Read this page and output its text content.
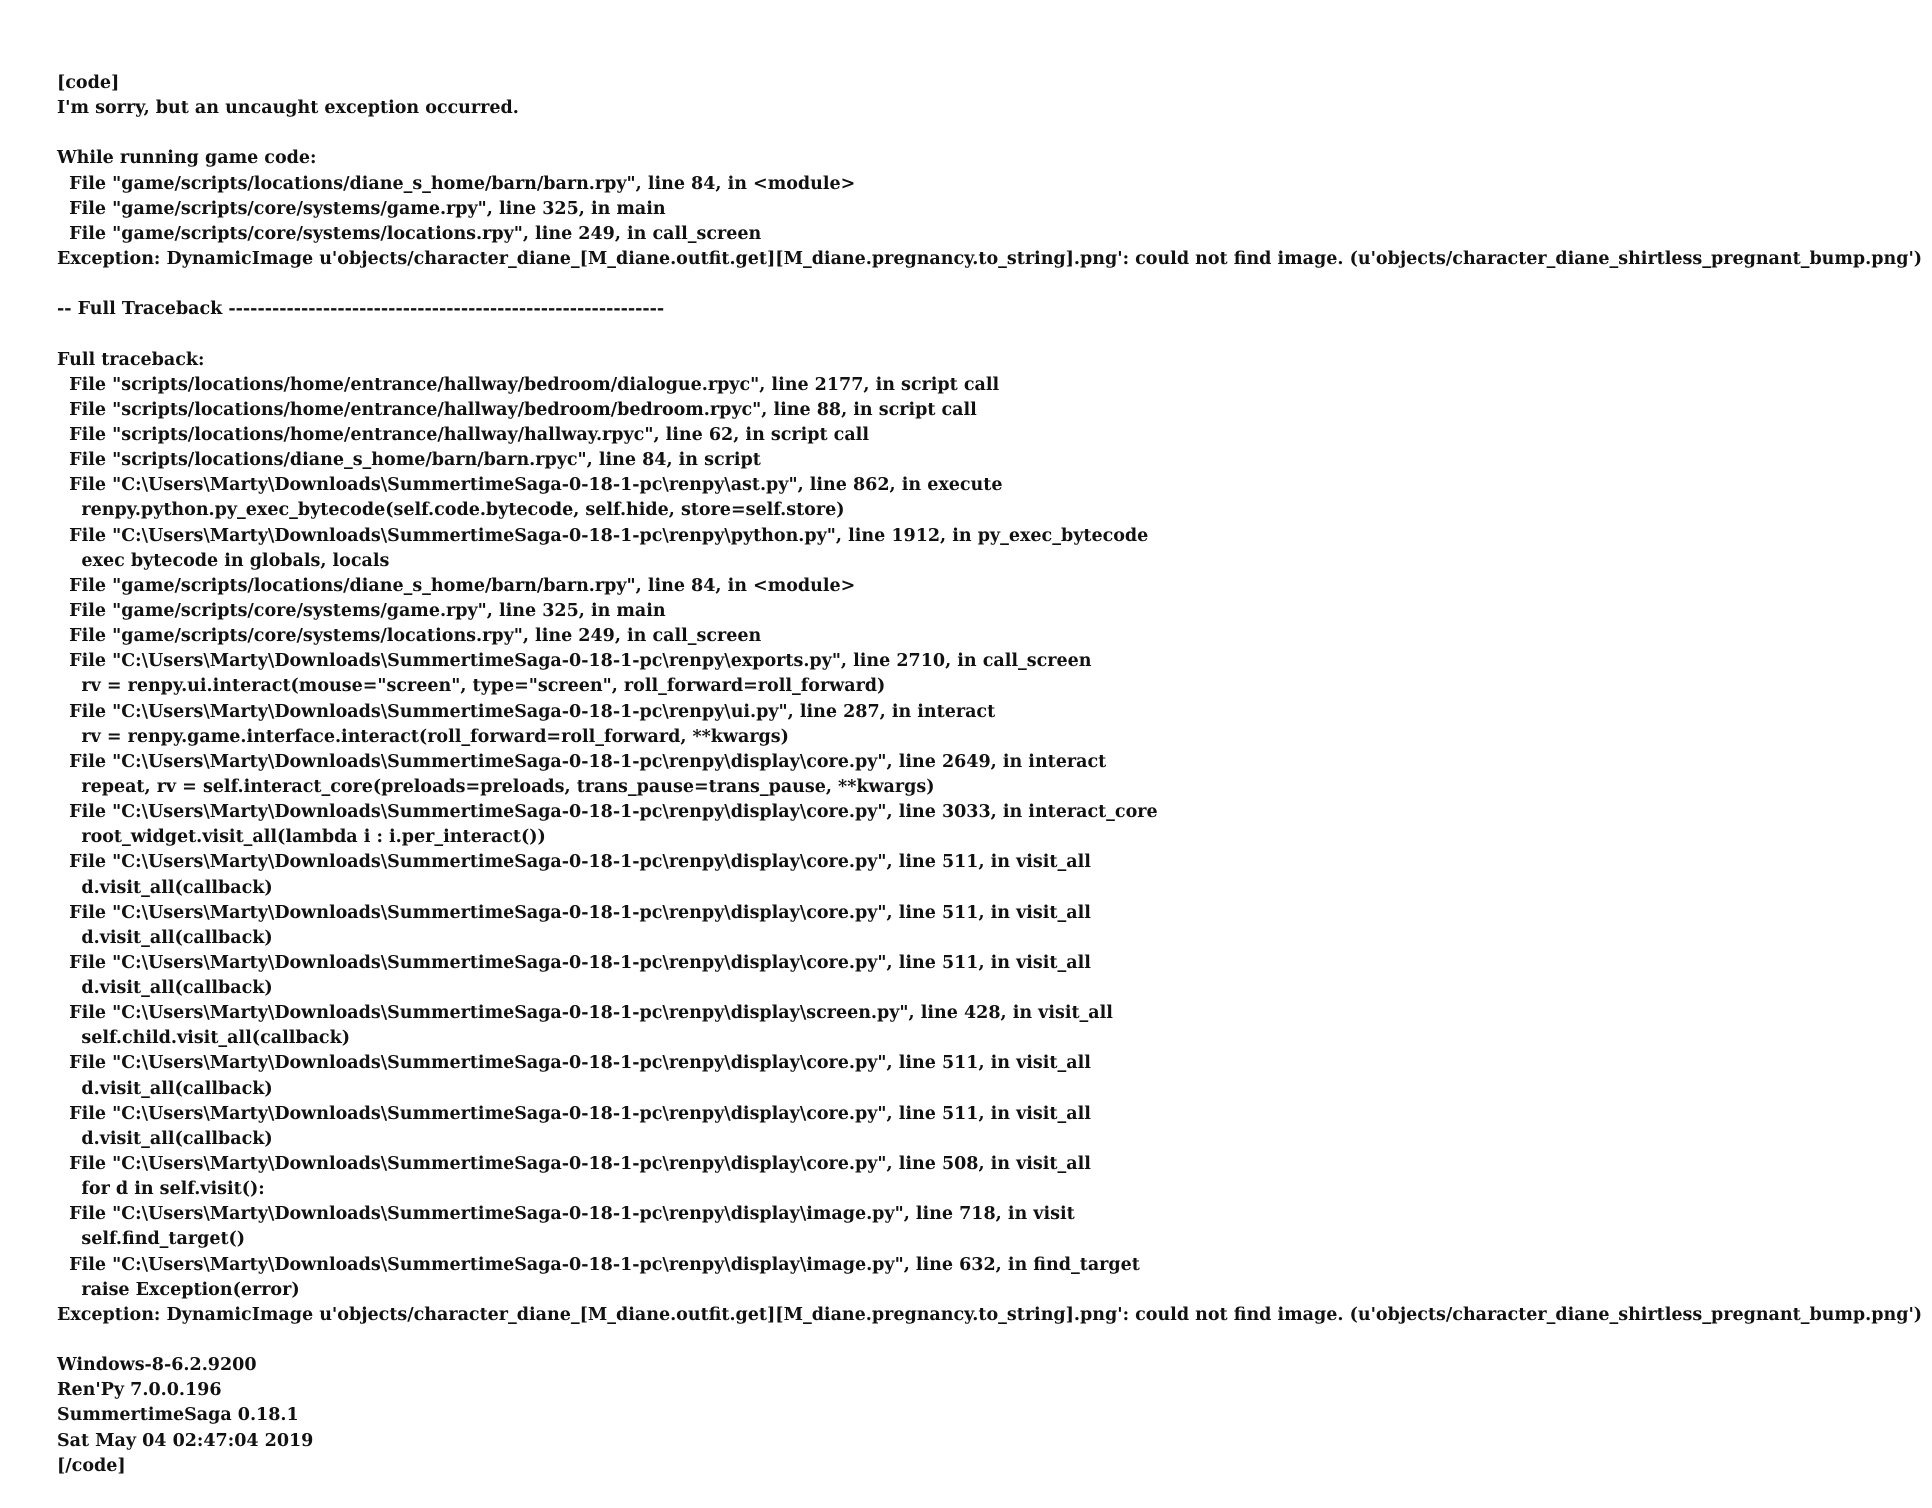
[code]
I'm sorry, but an uncaught exception occurred.
While running game code:
File "game/scripts/locations/diane_s_home/barn/barn.rpy", line 84, in <module>
File "game/scripts/core/systems/game.rpy", line 325, in main
File "game/scripts/core/systems/locations.rpy", line 249, in call_screen
Exception: DynamicImage u'objects/character_diane_[M_diane.outfit.get][M_diane.pregnancy.to_string].png': could not find image. (u'objects/character_diane_shirtless_pregnant_bump.png')
-- Full Traceback ------------------------------------------------------------
Full traceback:
File "scripts/locations/home/entrance/hallway/bedroom/dialogue.rpyc", line 2177, in script call
File "scripts/locations/home/entrance/hallway/bedroom/bedroom.rpyc", line 88, in script call
File "scripts/locations/home/entrance/hallway/hallway.rpyc", line 62, in script call
File "scripts/locations/diane_s_home/barn/barn.rpyc", line 84, in script
File "C:\Users\Marty\Downloads\SummertimeSaga-0-18-1-pc\renpy\ast.py", line 862, in execute
renpy.python.py_exec_bytecode(self.code.bytecode, self.hide, store=self.store)
File "C:\Users\Marty\Downloads\SummertimeSaga-0-18-1-pc\renpy\python.py", line 1912, in py_exec_bytecode
exec bytecode in globals, locals
File "game/scripts/locations/diane_s_home/barn/barn.rpy", line 84, in <module>
File "game/scripts/core/systems/game.rpy", line 325, in main
File "game/scripts/core/systems/locations.rpy", line 249, in call_screen
File "C:\Users\Marty\Downloads\SummertimeSaga-0-18-1-pc\renpy\exports.py", line 2710, in call_screen
rv = renpy.ui.interact(mouse="screen", type="screen", roll_forward=roll_forward)
File "C:\Users\Marty\Downloads\SummertimeSaga-0-18-1-pc\renpy\ui.py", line 287, in interact
rv = renpy.game.interface.interact(roll_forward=roll_forward, **kwargs)
File "C:\Users\Marty\Downloads\SummertimeSaga-0-18-1-pc\renpy\display\core.py", line 2649, in interact
repeat, rv = self.interact_core(preloads=preloads, trans_pause=trans_pause, **kwargs)
File "C:\Users\Marty\Downloads\SummertimeSaga-0-18-1-pc\renpy\display\core.py", line 3033, in interact_core
root_widget.visit_all(lambda i : i.per_interact())
File "C:\Users\Marty\Downloads\SummertimeSaga-0-18-1-pc\renpy\display\core.py", line 511, in visit_all
d.visit_all(callback)
File "C:\Users\Marty\Downloads\SummertimeSaga-0-18-1-pc\renpy\display\core.py", line 511, in visit_all
d.visit_all(callback)
File "C:\Users\Marty\Downloads\SummertimeSaga-0-18-1-pc\renpy\display\core.py", line 511, in visit_all
d.visit_all(callback)
File "C:\Users\Marty\Downloads\SummertimeSaga-0-18-1-pc\renpy\display\screen.py", line 428, in visit_all
self.child.visit_all(callback)
File "C:\Users\Marty\Downloads\SummertimeSaga-0-18-1-pc\renpy\display\core.py", line 511, in visit_all
d.visit_all(callback)
File "C:\Users\Marty\Downloads\SummertimeSaga-0-18-1-pc\renpy\display\core.py", line 511, in visit_all
d.visit_all(callback)
File "C:\Users\Marty\Downloads\SummertimeSaga-0-18-1-pc\renpy\display\core.py", line 508, in visit_all
for d in self.visit():
File "C:\Users\Marty\Downloads\SummertimeSaga-0-18-1-pc\renpy\display\image.py", line 718, in visit
self.find_target()
File "C:\Users\Marty\Downloads\SummertimeSaga-0-18-1-pc\renpy\display\image.py", line 632, in find_target
raise Exception(error)
Exception: DynamicImage u'objects/character_diane_[M_diane.outfit.get][M_diane.pregnancy.to_string].png': could not find image. (u'objects/character_diane_shirtless_pregnant_bump.png')
Windows-8-6.2.9200
Ren'Py 7.0.0.196
SummertimeSaga 0.18.1
Sat May 04 02:47:04 2019
[/code]
